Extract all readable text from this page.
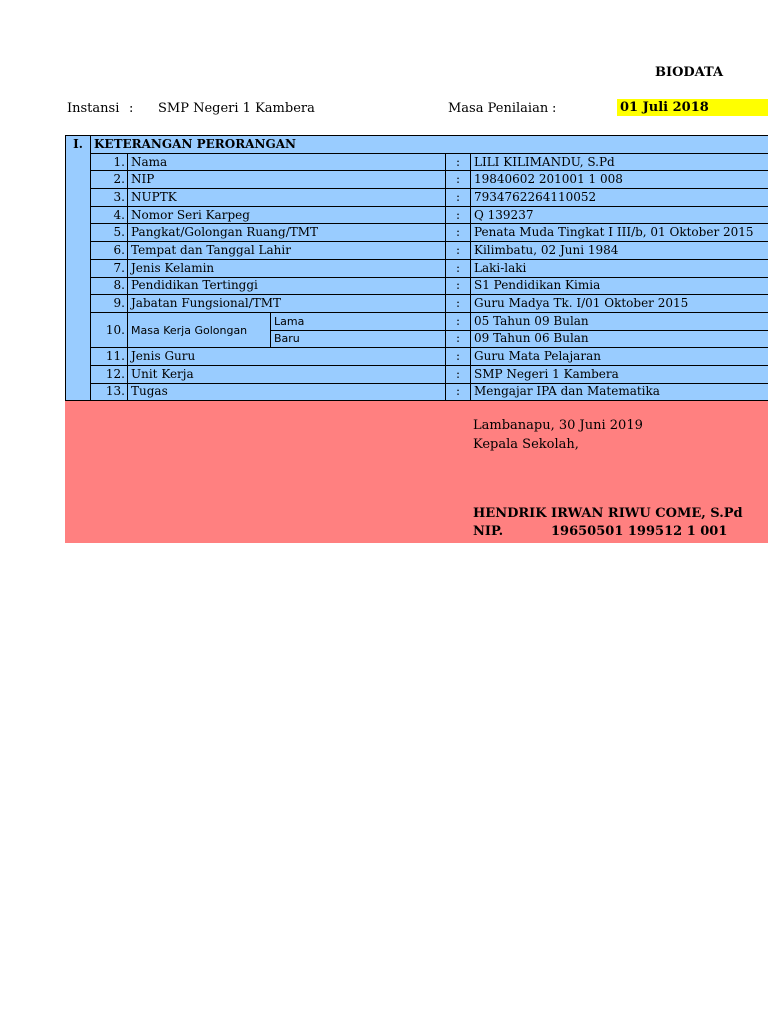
BIODATA
Instansi : SMP Negeri 1 Kambera	Masa Penilaian :	01 Juli 2018
I.	KETERANGAN PERORANGAN				
	1.	Nama		:	LILI KILIMANDU, S.Pd
	2.	NIP		:	19840602 201001 1 008
	3.	NUPTK		:	7934762264110052
	4.	Nomor Seri Karpeg		:	Q 139237
	5.	Pangkat/Golongan Ruang/TMT		:	Penata Muda Tingkat I III/b, 01 Oktober 2015
	6.	Tempat dan Tanggal Lahir		:	Kilimbatu, 02 Juni 1984
	7.	Jenis Kelamin		:	Laki-laki
	8.	Pendidikan Tertinggi		:	S1 Pendidikan Kimia
	9.	Jabatan Fungsional/TMT		:	Guru Madya Tk. I/01 Oktober 2015
	10.	Masa Kerja Golongan	Lama	:	05 Tahun 09 Bulan
			Baru	:	09 Tahun 06 Bulan
	11.	Jenis Guru		:	Guru Mata Pelajaran
	12.	Unit Kerja		:	SMP Negeri 1 Kambera
	13.	Tugas		:	Mengajar IPA dan Matematika
Lambanapu, 30 Juni 2019
Kepala Sekolah,
HENDRIK IRWAN RIWU COME, S.Pd
NIP.	19650501 199512 1 001
